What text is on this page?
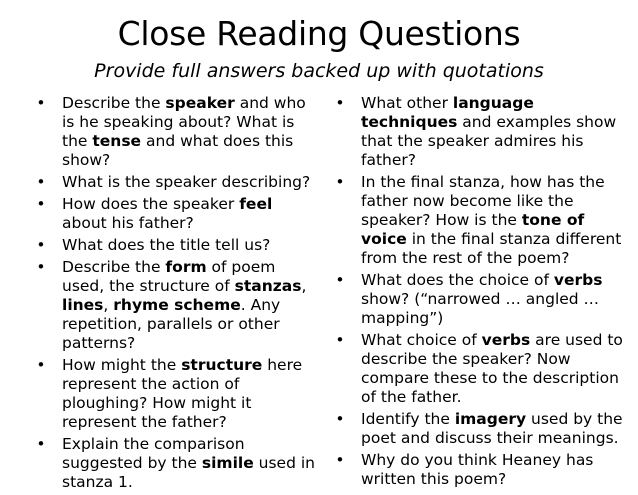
Close Reading Questions
Provide full answers backed up with quotations
• Describe the speaker and who is he speaking about? What is the tense and what does this show?
• What is the speaker describing?
• How does the speaker feel about his father?
• What does the title tell us?
• Describe the form of poem used, the structure of stanzas, lines, rhyme scheme. Any repetition, parallels or other patterns?
• How might the structure here represent the action of ploughing? How might it represent the father?
• Explain the comparison suggested by the simile used in stanza 1.
• What other language techniques and examples show that the speaker admires his father?
• In the final stanza, how has the father now become like the speaker? How is the tone of voice in the final stanza different from the rest of the poem?
• What does the choice of verbs show? (“narrowed … angled … mapping”)
• What choice of verbs are used to describe the speaker? Now compare these to the description of the father.
• Identify the imagery used by the poet and discuss their meanings.
• Why do you think Heaney has written this poem?
